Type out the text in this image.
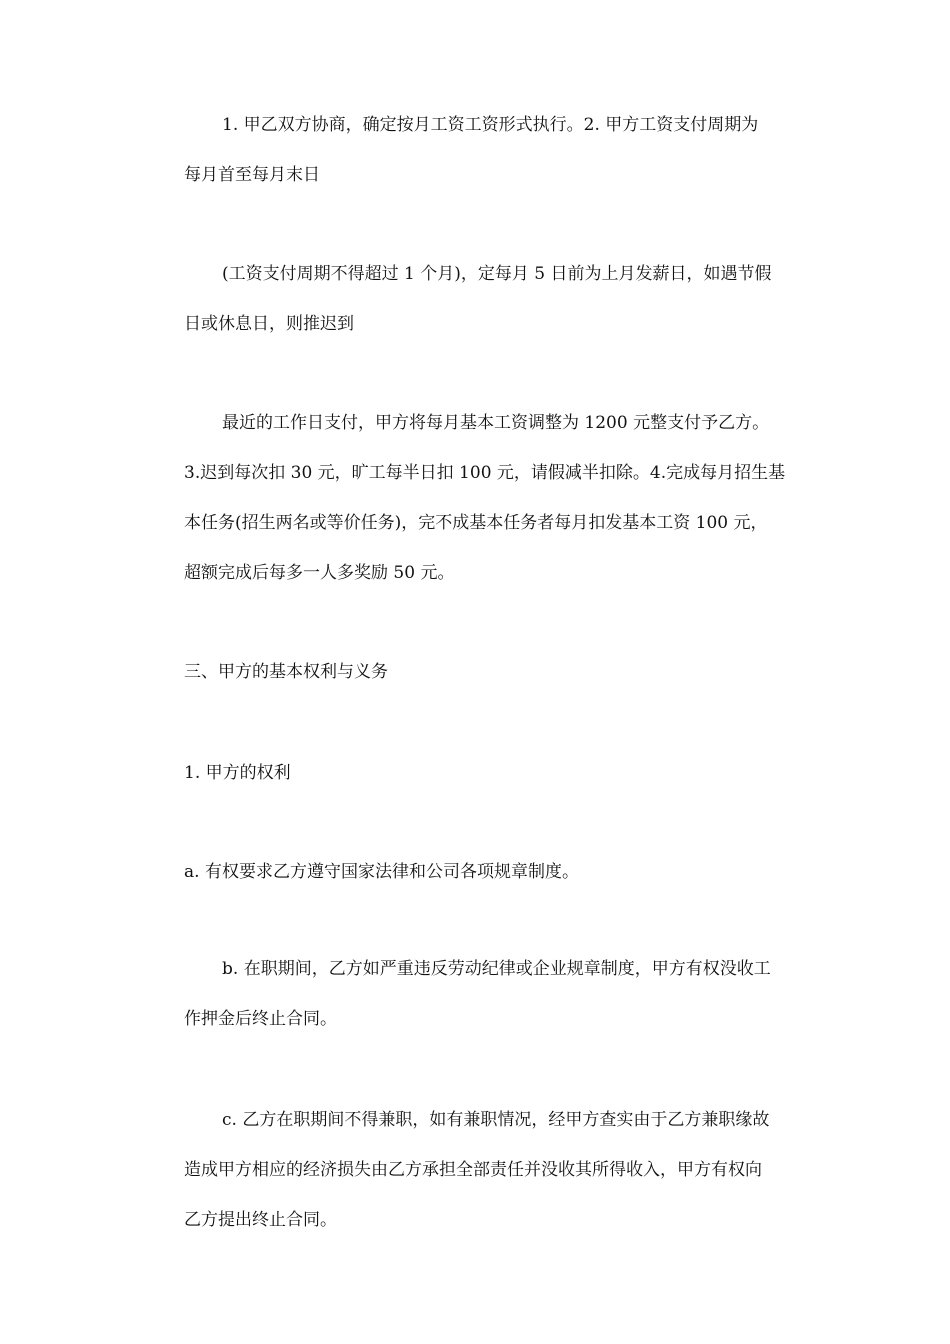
1. 甲乙双方协商，确定按月工资工资形式执行。2. 甲方工资支付周期为
每月首至每月末日
(工资支付周期不得超过 1 个月)，定每月 5 日前为上月发薪日，如遇节假
日或休息日，则推迟到
最近的工作日支付，甲方将每月基本工资调整为 1200 元整支付予乙方。
3.迟到每次扣 30 元，旷工每半日扣 100 元，请假减半扣除。4.完成每月招生基
本任务(招生两名或等价任务)，完不成基本任务者每月扣发基本工资 100 元，
超额完成后每多一人多奖励 50 元。

三、甲方的基本权利与义务

1. 甲方的权利

a. 有权要求乙方遵守国家法律和公司各项规章制度。

b. 在职期间，乙方如严重违反劳动纪律或企业规章制度，甲方有权没收工
作押金后终止合同。
c. 乙方在职期间不得兼职，如有兼职情况，经甲方查实由于乙方兼职缘故
造成甲方相应的经济损失由乙方承担全部责任并没收其所得收入，甲方有权向
乙方提出终止合同。
